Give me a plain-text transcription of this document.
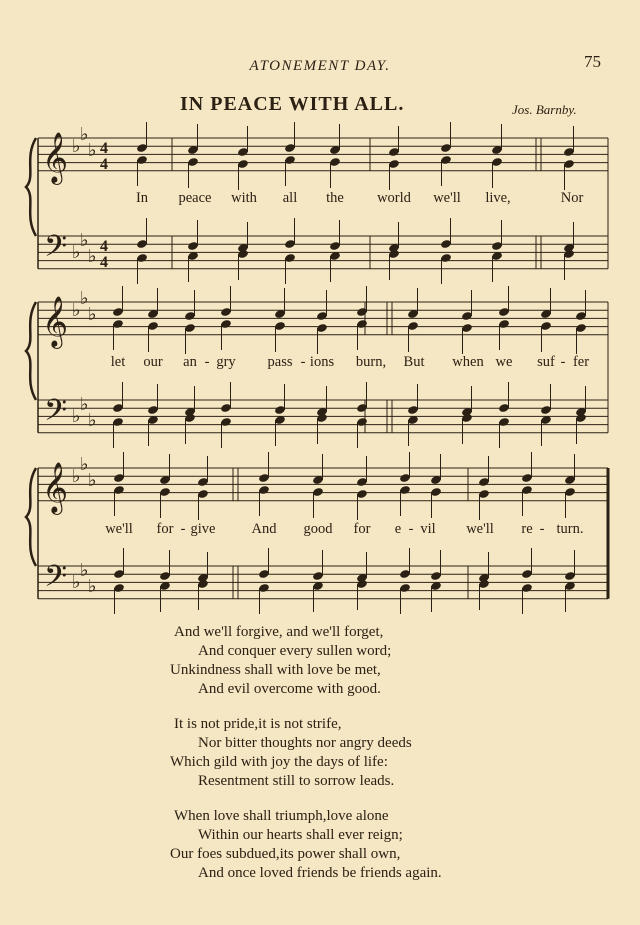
ATONEMENT DAY.	75
IN PEACE WITH ALL.	Jos. Barnby.
𝄞 ♭
♭
♭
𝄢 ♭
♭
♭
4
4
4
4
𝄞 ♭
♭
♭
𝄢 ♭
♭
♭
𝄞 ♭
♭
♭
𝄢 ♭
♭
♭
In peace with all the world we'll live,	Nor
let our an - gry pass - ions burn, But when we suf - fer
we'll for - give And good for e - vil we'll re - turn.
And we'll forgive, and we'll forget,
And conquer every sullen word;
Unkindness shall with love be met,
And evil overcome with good.
It is not pride,it is not strife,
Nor bitter thoughts nor angry deeds
Which gild with joy the days of life:
Resentment still to sorrow leads.
When love shall triumph,love alone
Within our hearts shall ever reign;
Our foes subdued,its power shall own,
And once loved friends be friends again.
